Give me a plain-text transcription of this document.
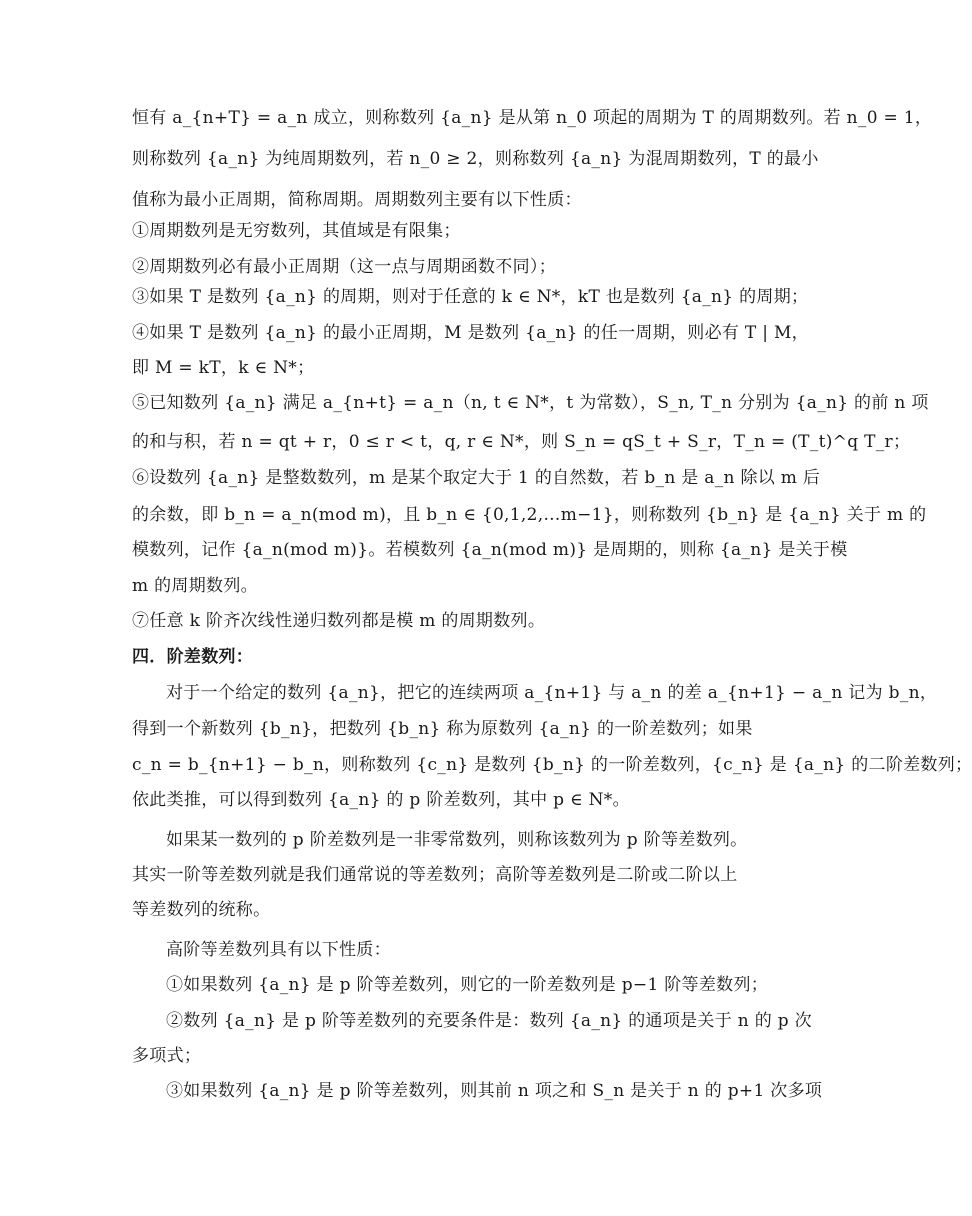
恒有 a_{n+T} = a_n 成立，则称数列 {a_n} 是从第 n_0 项起的周期为 T 的周期数列。若 n_0 = 1，
则称数列 {a_n} 为纯周期数列，若 n_0 ≥ 2，则称数列 {a_n} 为混周期数列，T 的最小
值称为最小正周期，简称周期。周期数列主要有以下性质：
①周期数列是无穷数列，其值域是有限集；
②周期数列必有最小正周期（这一点与周期函数不同）；
③如果 T 是数列 {a_n} 的周期，则对于任意的 k ∈ N*，kT 也是数列 {a_n} 的周期；
④如果 T 是数列 {a_n} 的最小正周期，M 是数列 {a_n} 的任一周期，则必有 T | M，
即 M = kT，k ∈ N*；
⑤已知数列 {a_n} 满足 a_{n+t} = a_n（n, t ∈ N*，t 为常数），S_n, T_n 分别为 {a_n} 的前 n 项
的和与积，若 n = qt + r，0 ≤ r < t，q, r ∈ N*，则 S_n = qS_t + S_r，T_n = (T_t)^q T_r；
⑥设数列 {a_n} 是整数数列，m 是某个取定大于 1 的自然数，若 b_n 是 a_n 除以 m 后
的余数，即 b_n = a_n(mod m)，且 b_n ∈ {0,1,2,…m−1}，则称数列 {b_n} 是 {a_n} 关于 m 的
模数列，记作 {a_n(mod m)}。若模数列 {a_n(mod m)} 是周期的，则称 {a_n} 是关于模
m 的周期数列。
⑦任意 k 阶齐次线性递归数列都是模 m 的周期数列。
四．阶差数列：
对于一个给定的数列 {a_n}，把它的连续两项 a_{n+1} 与 a_n 的差 a_{n+1} − a_n 记为 b_n，
得到一个新数列 {b_n}，把数列 {b_n} 称为原数列 {a_n} 的一阶差数列；如果
c_n = b_{n+1} − b_n，则称数列 {c_n} 是数列 {b_n} 的一阶差数列，{c_n} 是 {a_n} 的二阶差数列；
依此类推，可以得到数列 {a_n} 的 p 阶差数列，其中 p ∈ N*。
如果某一数列的 p 阶差数列是一非零常数列，则称该数列为 p 阶等差数列。
其实一阶等差数列就是我们通常说的等差数列；高阶等差数列是二阶或二阶以上
等差数列的统称。
高阶等差数列具有以下性质：
①如果数列 {a_n} 是 p 阶等差数列，则它的一阶差数列是 p−1 阶等差数列；
②数列 {a_n} 是 p 阶等差数列的充要条件是：数列 {a_n} 的通项是关于 n 的 p 次
多项式；
③如果数列 {a_n} 是 p 阶等差数列，则其前 n 项之和 S_n 是关于 n 的 p+1 次多项
